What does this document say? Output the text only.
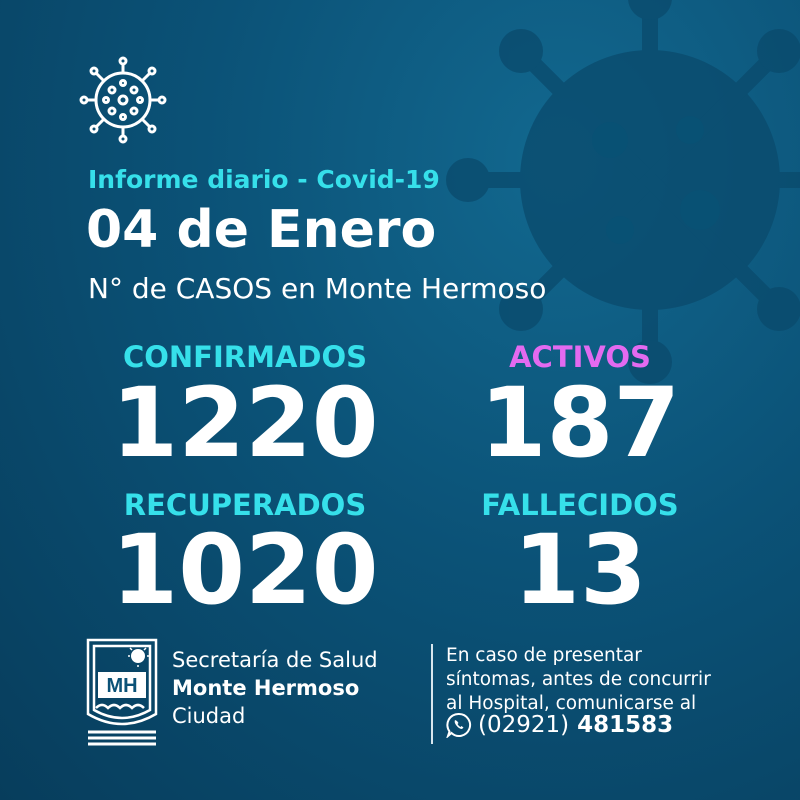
Informe diario - Covid-19
04 de Enero
N° de CASOS en Monte Hermoso
CONFIRMADOS
1220
ACTIVOS
187
RECUPERADOS
1020
FALLECIDOS
13
MH
Secretaría de Salud
Monte Hermoso
Ciudad
En caso de presentar
síntomas, antes de concurrir
al Hospital, comunicarse al
(02921) 481583
